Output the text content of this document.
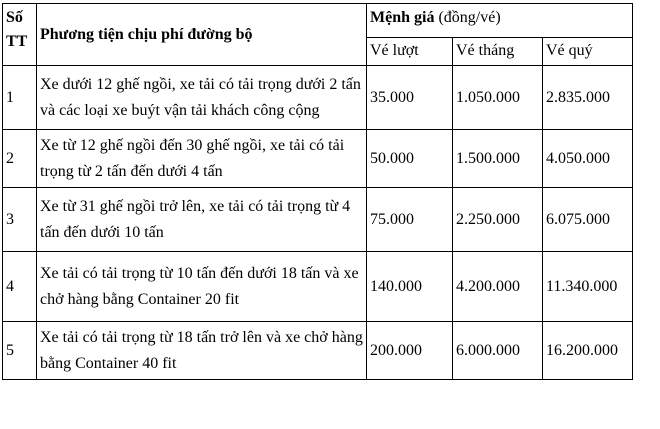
Số TT	Phương tiện chịu phí đường bộ	Mệnh giá (đồng/vé)		
		Vé lượt	Vé tháng	Vé quý
1	Xe dưới 12 ghế ngồi, xe tải có tải trọng dưới 2 tấn và các loại xe buýt vận tải khách công cộng	35.000	1.050.000	2.835.000
2	Xe từ 12 ghế ngồi đến 30 ghế ngồi, xe tải có tải trọng từ 2 tấn đến dưới 4 tấn	50.000	1.500.000	4.050.000
3	Xe từ 31 ghế ngồi trở lên, xe tải có tải trọng từ 4 tấn đến dưới 10 tấn	75.000	2.250.000	6.075.000
4	Xe tải có tải trọng từ 10 tấn đến dưới 18 tấn và xe chở hàng bằng Container 20 fit	140.000	4.200.000	11.340.000
5	Xe tải có tải trọng từ 18 tấn trở lên và xe chở hàng bằng Container 40 fit	200.000	6.000.000	16.200.000
